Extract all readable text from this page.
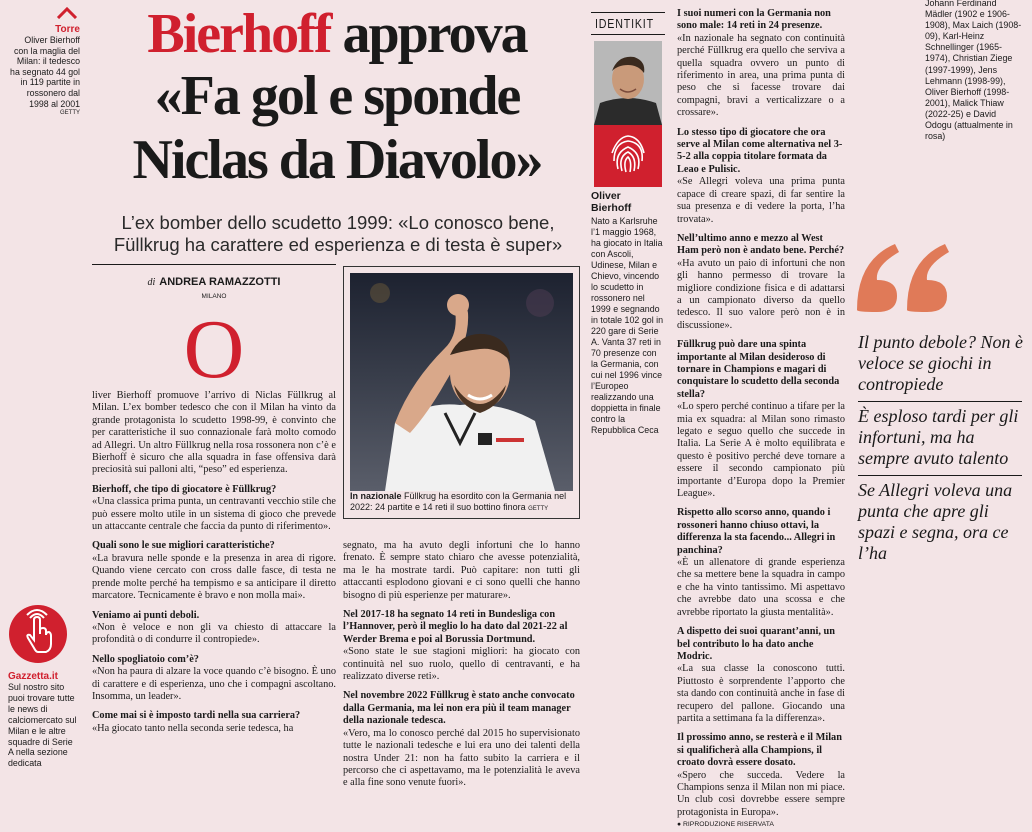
Torre
Oliver Bierhoff con la maglia del Milan: il tedesco ha segnato 44 gol in 119 partite in rossonero dal 1998 al 2001
GETTY
Bierhoff approva
«Fa gol e sponde
Niclas da Diavolo»
L’ex bomber dello scudetto 1999: «Lo conosco bene,
Füllkrug ha carattere ed esperienza e di testa è super»
di ANDREA RAMAZZOTTI
MILANO
O

liver Bierhoff promuove l’arrivo di Niclas Füllkrug al Milan. L’ex bomber tedesco che con il Milan ha vinto da grande protagonista lo scudetto 1998-99, è convinto che per caratteristiche il suo connazionale farà molto comodo ad Allegri. Un altro Füllkrug nella rosa rossonera non c’è e Bierhoff è sicuro che alla squadra in fase offensiva darà preciosità sui palloni alti, “peso” ed esperienza.

Bierhoff, che tipo di giocatore è Füllkrug?

«Una classica prima punta, un centravanti vecchio stile che può essere molto utile in un sistema di gioco che prevede un attaccante centrale che faccia da punto di riferimento».

Quali sono le sue migliori caratteristiche?

«La bravura nelle sponde e la presenza in area di rigore. Quando viene cercato con cross dalle fasce, di testa ne prende molte perché ha tempismo e sa anticipare il diretto marcatore. Tecnicamente è bravo e non molla mai».

Veniamo ai punti deboli.

«Non è veloce e non gli va chiesto di attaccare la profondità o di condurre il contropiede».

Nello spogliatoio com’è?

«Non ha paura di alzare la voce quando c’è bisogno. È uno di carattere e di esperienza, uno che i compagni ascoltano. Insomma, un leader».

Come mai si è imposto tardi nella sua carriera?

«Ha giocato tanto nella seconda serie tedesca, ha

In nazionale Füllkrug ha esordito con la Germania nel 2022: 24 partite e 14 reti il suo bottino finora GETTY

segnato, ma ha avuto degli infortuni che lo hanno frenato. È sempre stato chiaro che avesse potenzialità, ma le ha mostrate tardi. Può capitare: non tutti gli attaccanti esplodono giovani e ci sono quelli che hanno bisogno di più esperienze per maturare».

Nel 2017-18 ha segnato 14 reti in Bundesliga con l’Hannover, però il meglio lo ha dato dal 2021-22 al Werder Brema e poi al Borussia Dortmund.

«Sono state le sue stagioni migliori: ha giocato con continuità nel suo ruolo, quello di centravanti, e ha realizzato diverse reti».

Nel novembre 2022 Füllkrug è stato anche convocato dalla Germania, ma lei non era più il team manager della nazionale tedesca.

«Vero, ma lo conosco perché dal 2015 ho supervisionato tutte le nazionali tedesche e lui era uno dei talenti della nostra Under 21: non ha fatto subito la carriera e il percorso che ci aspettavamo, ma le potenzialità le aveva e alla fine sono venute fuori».

IDENTIKIT
Oliver
Bierhoff
Nato a Karlsruhe l’1 maggio 1968, ha giocato in Italia con Ascoli, Udinese, Milan e Chievo, vincendo lo scudetto in rossonero nel 1999 e segnando in totale 102 gol in 220 gare di Serie A. Vanta 37 reti in 70 presenze con la Germania, con cui nel 1996 vince l’Europeo realizzando una doppietta in finale contro la Repubblica Ceca

I suoi numeri con la Germania non sono male: 14 reti in 24 presenze.

«In nazionale ha segnato con continuità perché Füllkrug era quello che serviva a quella squadra ovvero un punto di riferimento in area, una prima punta di peso che si facesse trovare dai compagni, bravi a verticalizzare o a crossare».

Lo stesso tipo di giocatore che ora serve al Milan come alternativa nel 3-5-2 alla coppia titolare formata da Leao e Pulisic.

«Se Allegri voleva una prima punta capace di creare spazi, di far sentire la sua presenza e di vedere la porta, l’ha trovata».

Nell’ultimo anno e mezzo al West Ham però non è andato bene. Perché?

«Ha avuto un paio di infortuni che non gli hanno permesso di trovare la migliore condizione fisica e di adattarsi a un campionato diverso da quello tedesco. Il suo valore però non è in discussione».

Füllkrug può dare una spinta importante al Milan desideroso di tornare in Champions e magari di conquistare lo scudetto della seconda stella?

«Lo spero perché continuo a tifare per la mia ex squadra: al Milan sono rimasto legato e seguo quello che succede in Italia. La Serie A è molto equilibrata e questo è positivo perché deve tornare a essere il secondo campionato più importante d’Europa dopo la Premier League».

Rispetto allo scorso anno, quando i rossoneri hanno chiuso ottavi, la differenza la sta facendo... Allegri in panchina?

«È un allenatore di grande esperienza che sa mettere bene la squadra in campo e che ha vinto tantissimo. Mi aspettavo che avrebbe dato una scossa e che avrebbe riportato la giusta mentalità».

A dispetto dei suoi quarant’anni, un bel contributo lo ha dato anche Modric.

«La sua classe la conoscono tutti. Piuttosto è sorprendente l’apporto che sta dando con continuità anche in fase di recupero del pallone. Giocando una partita a settimana fa la differenza».

Il prossimo anno, se resterà e il Milan si qualificherà alla Champions, il croato dovrà essere dosato.

«Spero che succeda. Vedere la Champions senza il Milan non mi piace. Un club così dovrebbe essere sempre protagonista in Europa».

● RIPRODUZIONE RISERVATA
Johann Ferdinand Mädler (1902 e 1906-1908), Max Laich (1908-09), Karl-Heinz Schnellinger (1965-1974), Christian Ziege (1997-1999), Jens Lehmann (1998-99), Oliver Bierhoff (1998-2001), Malick Thiaw (2022-25) e David Odogu (attualmente in rosa)
Il punto debole? Non è veloce se giochi in contropiede
È esploso tardi per gli infortuni, ma ha sempre avuto talento
Se Allegri voleva una punta che apre gli spazi e segna, ora ce l’ha
Gazzetta.it
Sul nostro sito puoi trovare tutte le news di calciomercato sul Milan e le altre squadre di Serie A nella sezione dedicata
